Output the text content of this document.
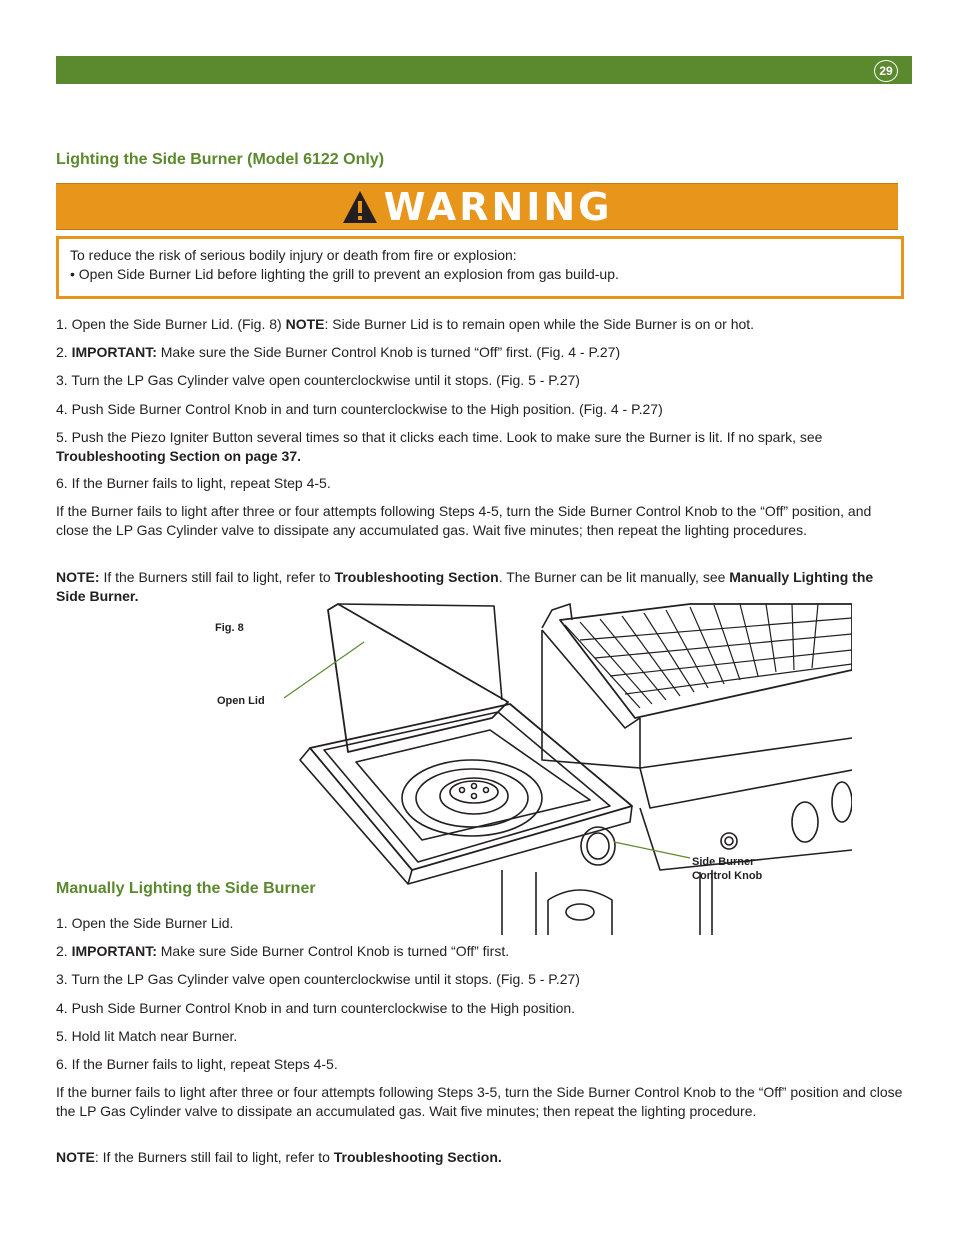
29
Lighting the Side Burner (Model 6122 Only)
WARNING
To reduce the risk of serious bodily injury or death from fire or explosion:
• Open Side Burner Lid before lighting the grill to prevent an explosion from gas build-up.

1. Open the Side Burner Lid. (Fig. 8) NOTE: Side Burner Lid is to remain open while the Side Burner is on or hot.

2. IMPORTANT: Make sure the Side Burner Control Knob is turned “Off” first. (Fig. 4 - P.27)

3. Turn the LP Gas Cylinder valve open counterclockwise until it stops. (Fig. 5 - P.27)

4. Push Side Burner Control Knob in and turn counterclockwise to the High position. (Fig. 4 - P.27)

5. Push the Piezo Igniter Button several times so that it clicks each time. Look to make sure the Burner is lit. If no spark, see Troubleshooting Section on page 37.

6. If the Burner fails to light, repeat Step 4-5.

If the Burner fails to light after three or four attempts following Steps 4-5, turn the Side Burner Control Knob to the “Off” position, and close the LP Gas Cylinder valve to dissipate any accumulated gas. Wait five minutes; then repeat the lighting procedures.

NOTE: If the Burners still fail to light, refer to Troubleshooting Section. The Burner can be lit manually, see Manually Lighting the Side Burner.

Fig. 8
Open Lid
Side Burner
Control Knob
Manually Lighting the Side Burner

1. Open the Side Burner Lid.

2. IMPORTANT: Make sure Side Burner Control Knob is turned “Off” first.

3. Turn the LP Gas Cylinder valve open counterclockwise until it stops. (Fig. 5 - P.27)

4. Push Side Burner Control Knob in and turn counterclockwise to the High position.

5. Hold lit Match near Burner.

6. If the Burner fails to light, repeat Steps 4-5.

If the burner fails to light after three or four attempts following Steps 3-5, turn the Side Burner Control Knob to the “Off” position and close the LP Gas Cylinder valve to dissipate an accumulated gas. Wait five minutes; then repeat the lighting procedure.

NOTE: If the Burners still fail to light, refer to Troubleshooting Section.
